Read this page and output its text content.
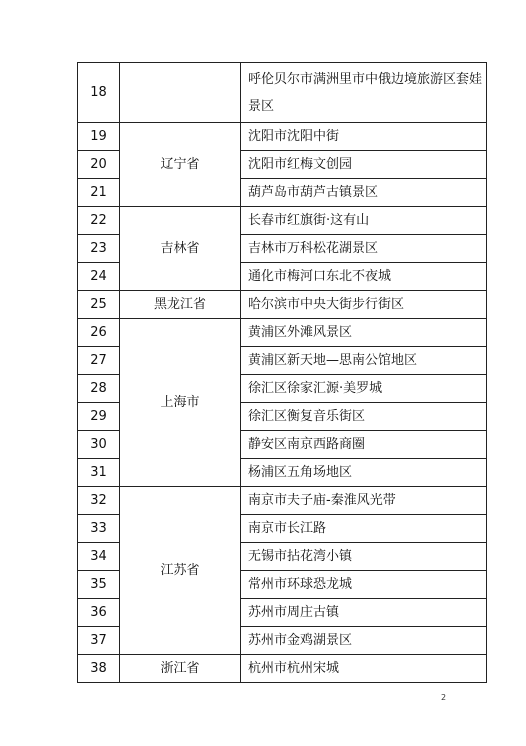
18		呼伦贝尔市满洲里市中俄边境旅游区套娃景区
19	辽宁省	沈阳市沈阳中街
20		沈阳市红梅文创园
21		葫芦岛市葫芦古镇景区
22	吉林省	长春市红旗街·这有山
23		吉林市万科松花湖景区
24		通化市梅河口东北不夜城
25	黑龙江省	哈尔滨市中央大街步行街区
26	上海市	黄浦区外滩风景区
27		黄浦区新天地—思南公馆地区
28		徐汇区徐家汇源·美罗城
29		徐汇区衡复音乐街区
30		静安区南京西路商圈
31		杨浦区五角场地区
32	江苏省	南京市夫子庙-秦淮风光带
33		南京市长江路
34		无锡市拈花湾小镇
35		常州市环球恐龙城
36		苏州市周庄古镇
37		苏州市金鸡湖景区
38	浙江省	杭州市杭州宋城
2
